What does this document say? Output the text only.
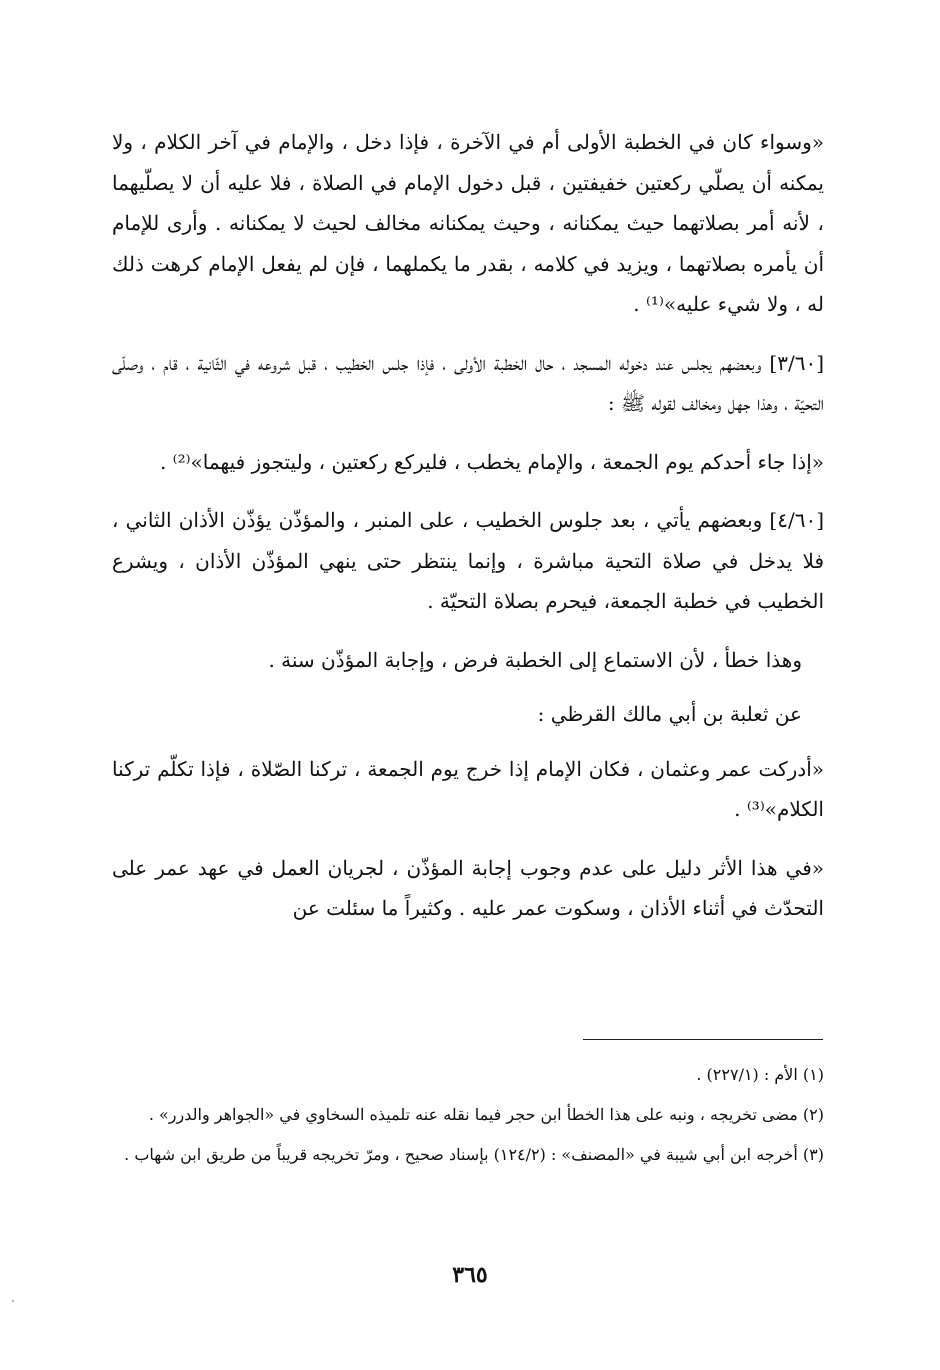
«وسواء كان في الخطبة الأولى أم في الآخرة ، فإذا دخل ، والإمام في آخر الكلام ، ولا يمكنه أن يصلّي ركعتين خفيفتين ، قبل دخول الإمام في الصلاة ، فلا عليه أن لا يصلّيهما ، لأنه أمر بصلاتهما حيث يمكنانه ، وحيث يمكنانه مخالف لحيث لا يمكنانه . وأرى للإمام أن يأمره بصلاتهما ، ويزيد في كلامه ، بقدر ما يكملهما ، فإن لم يفعل الإمام كرهت ذلك له ، ولا شيء عليه»⁽¹⁾ .

[٣/٦٠] وبعضهم يجلس عند دخوله المسجد ، حال الخطبة الأولى ، فإذا جلس الخطيب ، قبل شروعه في الثّانية ، قام ، وصلّى التحيّة ، وهذا جهل ومخالف لقوله ﷺ :

«إذا جاء أحدكم يوم الجمعة ، والإمام يخطب ، فليركع ركعتين ، وليتجوز فيهما»⁽²⁾ .

[٤/٦٠] وبعضهم يأتي ، بعد جلوس الخطيب ، على المنبر ، والمؤذّن يؤذّن الأذان الثاني ، فلا يدخل في صلاة التحية مباشرة ، وإنما ينتظر حتى ينهي المؤذّن الأذان ، ويشرع الخطيب في خطبة الجمعة، فيحرم بصلاة التحيّة .

وهذا خطأ ، لأن الاستماع إلى الخطبة فرض ، وإجابة المؤذّن سنة .

عن ثعلبة بن أبي مالك القرظي :

«أدركت عمر وعثمان ، فكان الإمام إذا خرج يوم الجمعة ، تركنا الصّلاة ، فإذا تكلّم تركنا الكلام»⁽³⁾ .

«في هذا الأثر دليل على عدم وجوب إجابة المؤذّن ، لجريان العمل في عهد عمر على التحدّث في أثناء الأذان ، وسكوت عمر عليه . وكثيراً ما سئلت عن

(١) الأم : (٢٢٧/١) .

(٢) مضى تخريجه ، ونبه على هذا الخطأ ابن حجر فيما نقله عنه تلميذه السخاوي في «الجواهر والدرر» .

(٣) أخرجه ابن أبي شيبة في «المصنف» : (١٢٤/٢) بإسناد صحيح ، ومرّ تخريجه قريباً من طريق ابن شهاب .

٣٦٥
